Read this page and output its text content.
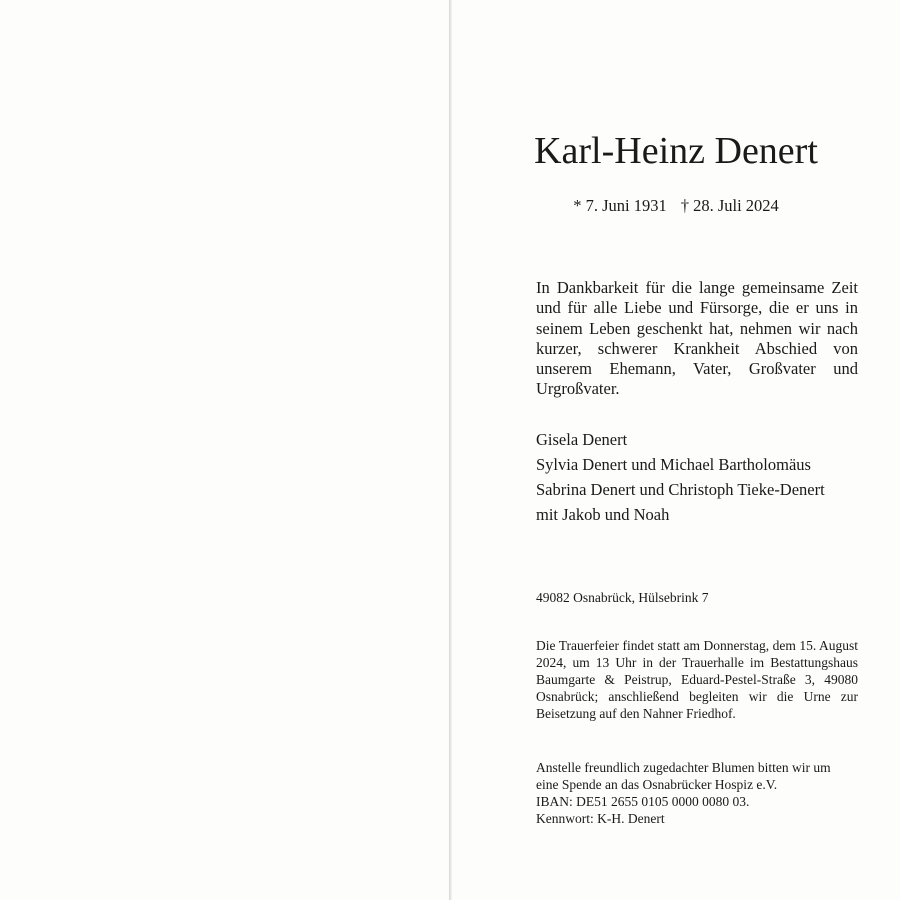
Karl-Heinz Denert
* 7. Juni 1931 † 28. Juli 2024

In Dankbarkeit für die lange gemeinsame Zeit und für alle Liebe und Fürsorge, die er uns in seinem Leben geschenkt hat, nehmen wir nach kurzer, schwerer Krankheit Abschied von unserem Ehemann, Vater, Großvater und Urgroßvater.

Gisela Denert
Sylvia Denert und Michael Bartholomäus
Sabrina Denert und Christoph Tieke-Denert
mit Jakob und Noah
49082 Osnabrück, Hülsebrink 7

Die Trauerfeier findet statt am Donnerstag, dem 15. August 2024, um 13 Uhr in der Trauerhalle im Bestattungshaus Baumgarte & Peistrup, Eduard-Pestel-Straße 3, 49080 Osnabrück; anschließend begleiten wir die Urne zur Beisetzung auf den Nahner Friedhof.

Anstelle freundlich zugedachter Blumen bitten wir um
eine Spende an das Osnabrücker Hospiz e.V.
IBAN: DE51 2655 0105 0000 0080 03.
Kennwort: K-H. Denert
